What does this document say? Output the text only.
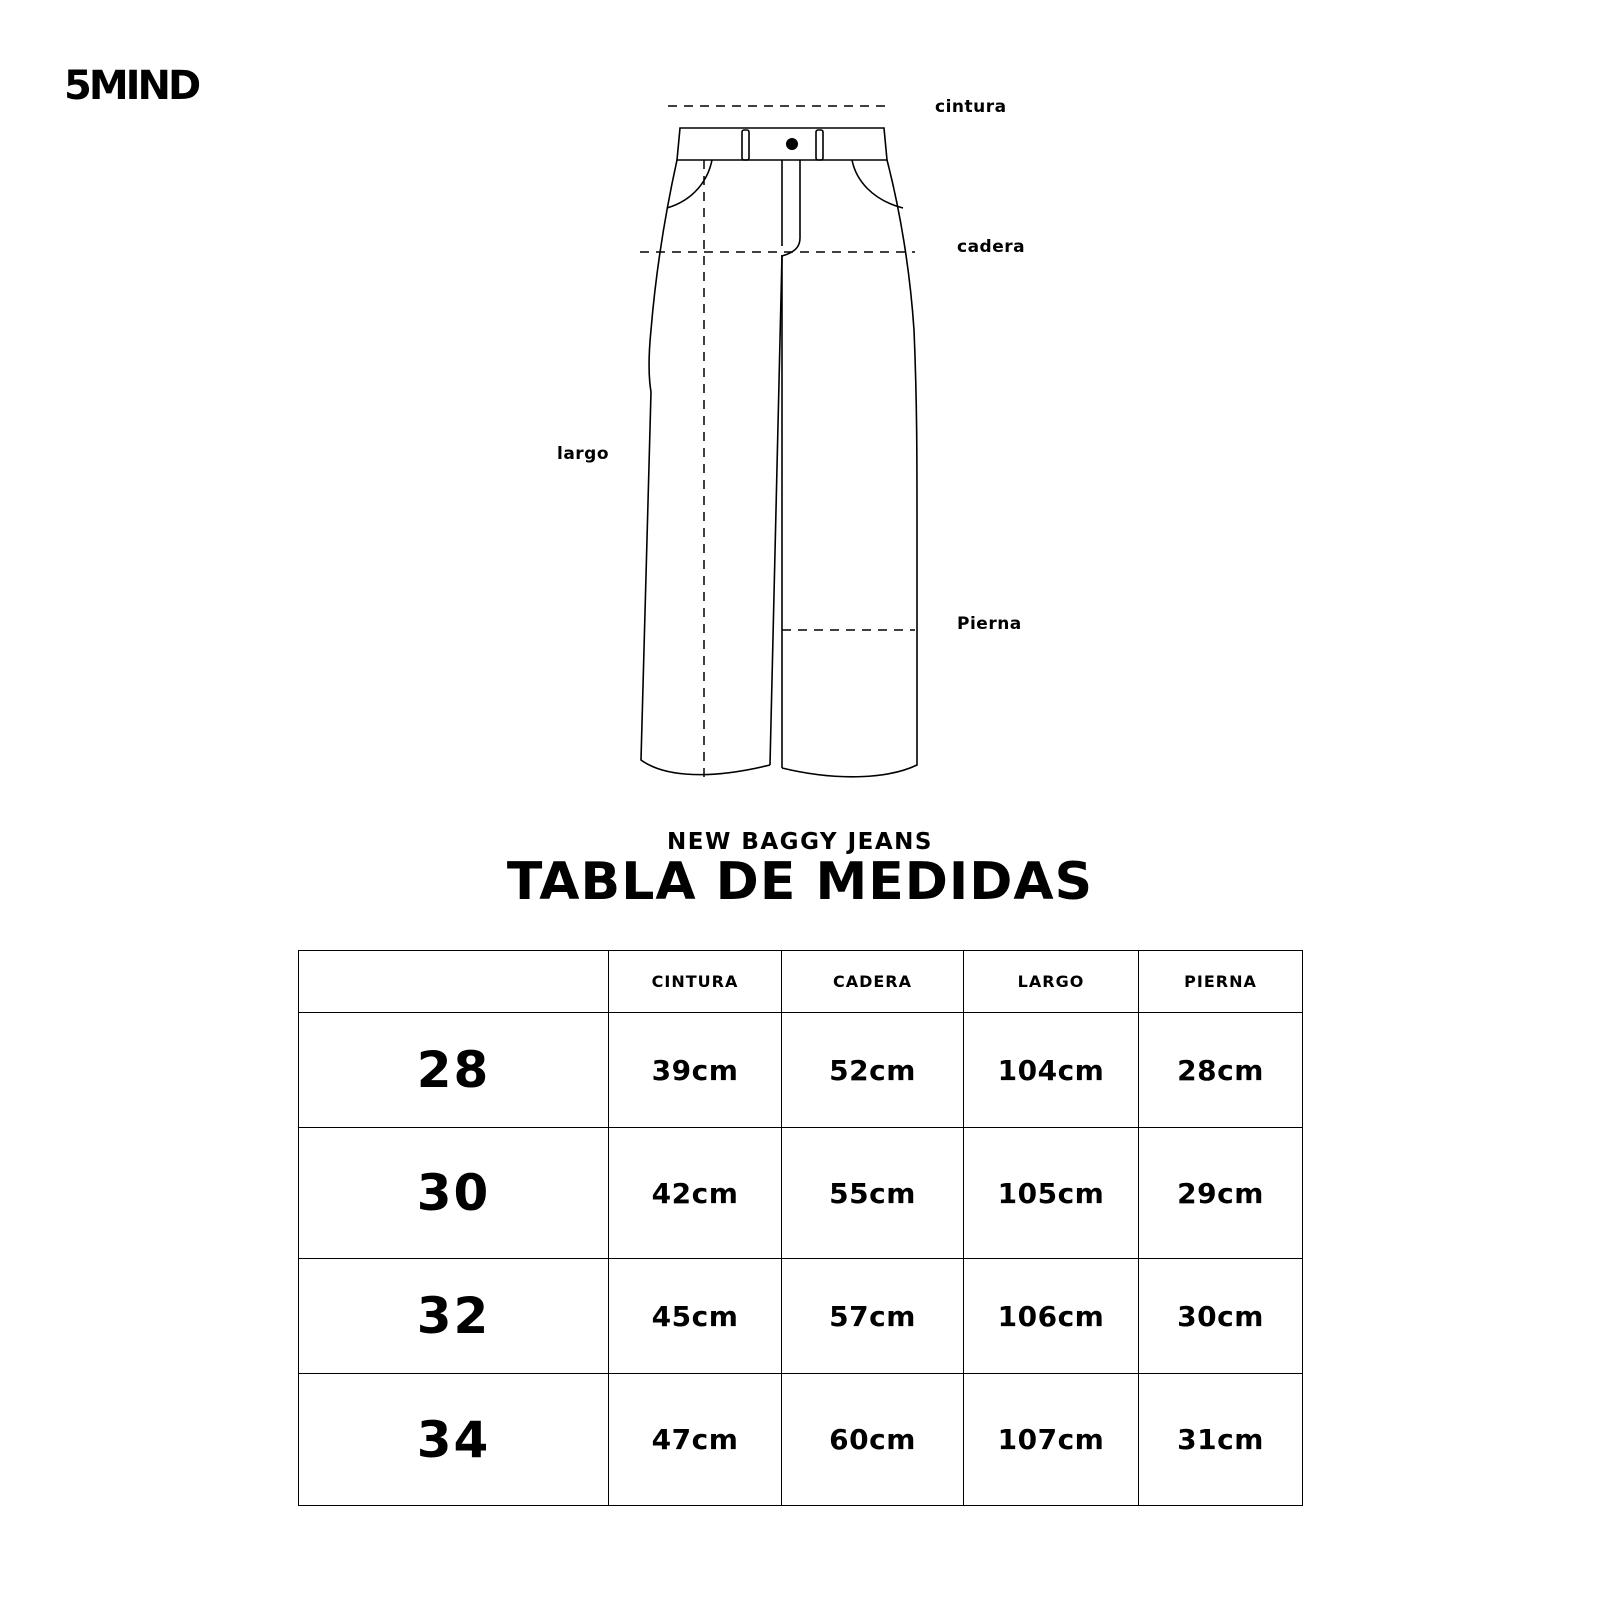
5MIND	cintura
cadera
largo
Pierna
NEW BAGGY JEANS
TABLA DE MEDIDAS
	CINTURA	CADERA	LARGO	PIERNA
28	39cm	52cm	104cm	28cm
30	42cm	55cm	105cm	29cm
32	45cm	57cm	106cm	30cm
34	47cm	60cm	107cm	31cm
